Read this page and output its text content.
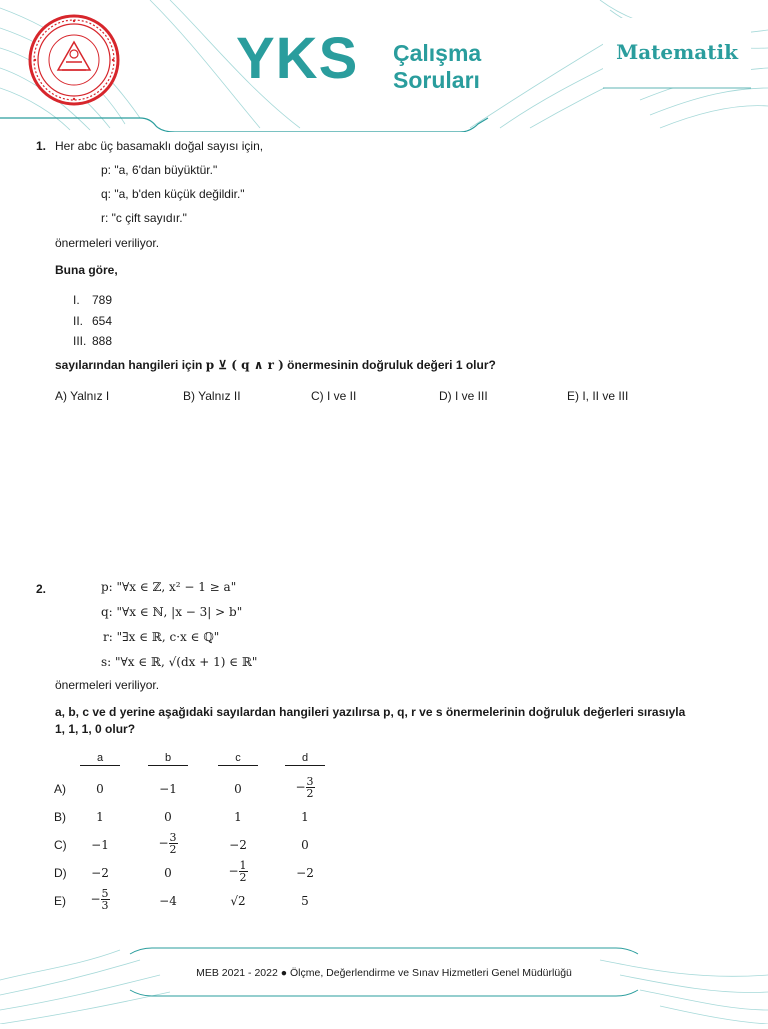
YKS Çalışma
Soruları
Matematik
1. Her abc üç basamaklı doğal sayısı için,
p: "a, 6'dan büyüktür."
q: "a, b'den küçük değildir."
r: "c çift sayıdır."
önermeleri veriliyor.
Buna göre,
I. 789
II. 654
III. 888
sayılarından hangileri için p ⊻ ( q ∧ r ) önermesinin doğruluk değeri 1 olur?
A) Yalnız I	B) Yalnız II	C) I ve II	D) I ve III	E) I, II ve III
2.	p: "∀x ∈ ℤ, x² − 1 ≥ a"
q: "∀x ∈ ℕ, |x − 3| > b"
r: "∃x ∈ ℝ, c·x ∈ ℚ"
s: "∀x ∈ ℝ, √(dx + 1) ∈ ℝ"
önermeleri veriliyor.
a, b, c ve d yerine aşağıdaki sayılardan hangileri yazılırsa p, q, r ve s önermelerinin doğruluk değerleri sırasıyla
1, 1, 1, 0 olur?
a	b	c	d
A)	0	−1	0	− $\frac{3}{2}$
B)	1	0	1	1
C)	−1	− $\frac{3}{2}$	−2	0
D)	−2	0	− $\frac{1}{2}$	−2
E)	− $\frac{5}{3}$	−4	√2	5
MEB 2021 - 2022 ● Ölçme, Değerlendirme ve Sınav Hizmetleri Genel Müdürlüğü
